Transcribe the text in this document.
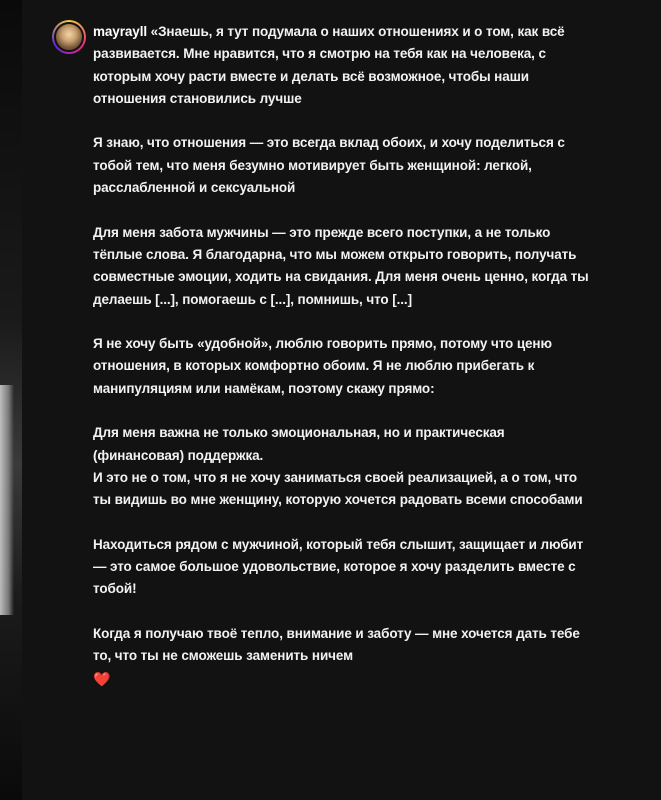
mayrayll «Знаешь, я тут подумала о наших отношениях и о том, как всё развивается. Мне нравится, что я смотрю на тебя как на человека, с которым хочу расти вместе и делать всё возможное, чтобы наши отношения становились лучше

Я знаю, что отношения — это всегда вклад обоих, и хочу поделиться с тобой тем, что меня безумно мотивирует быть женщиной: легкой, расслабленной и сексуальной

Для меня забота мужчины — это прежде всего поступки, а не только тёплые слова. Я благодарна, что мы можем открыто говорить, получать совместные эмоции, ходить на свидания. Для меня очень ценно, когда ты делаешь [...], помогаешь с [...], помнишь, что [...]

Я не хочу быть «удобной», люблю говорить прямо, потому что ценю отношения, в которых комфортно обоим. Я не люблю прибегать к манипуляциям или намёкам, поэтому скажу прямо:

Для меня важна не только эмоциональная, но и практическая (финансовая) поддержка.
И это не о том, что я не хочу заниматься своей реализацией, а о том, что ты видишь во мне женщину, которую хочется радовать всеми способами

Находиться рядом с мужчиной, который тебя слышит, защищает и любит — это самое большое удовольствие, которое я хочу разделить вместе с тобой!

Когда я получаю твоё тепло, внимание и заботу — мне хочется дать тебе то, что ты не сможешь заменить ничем
❤️
